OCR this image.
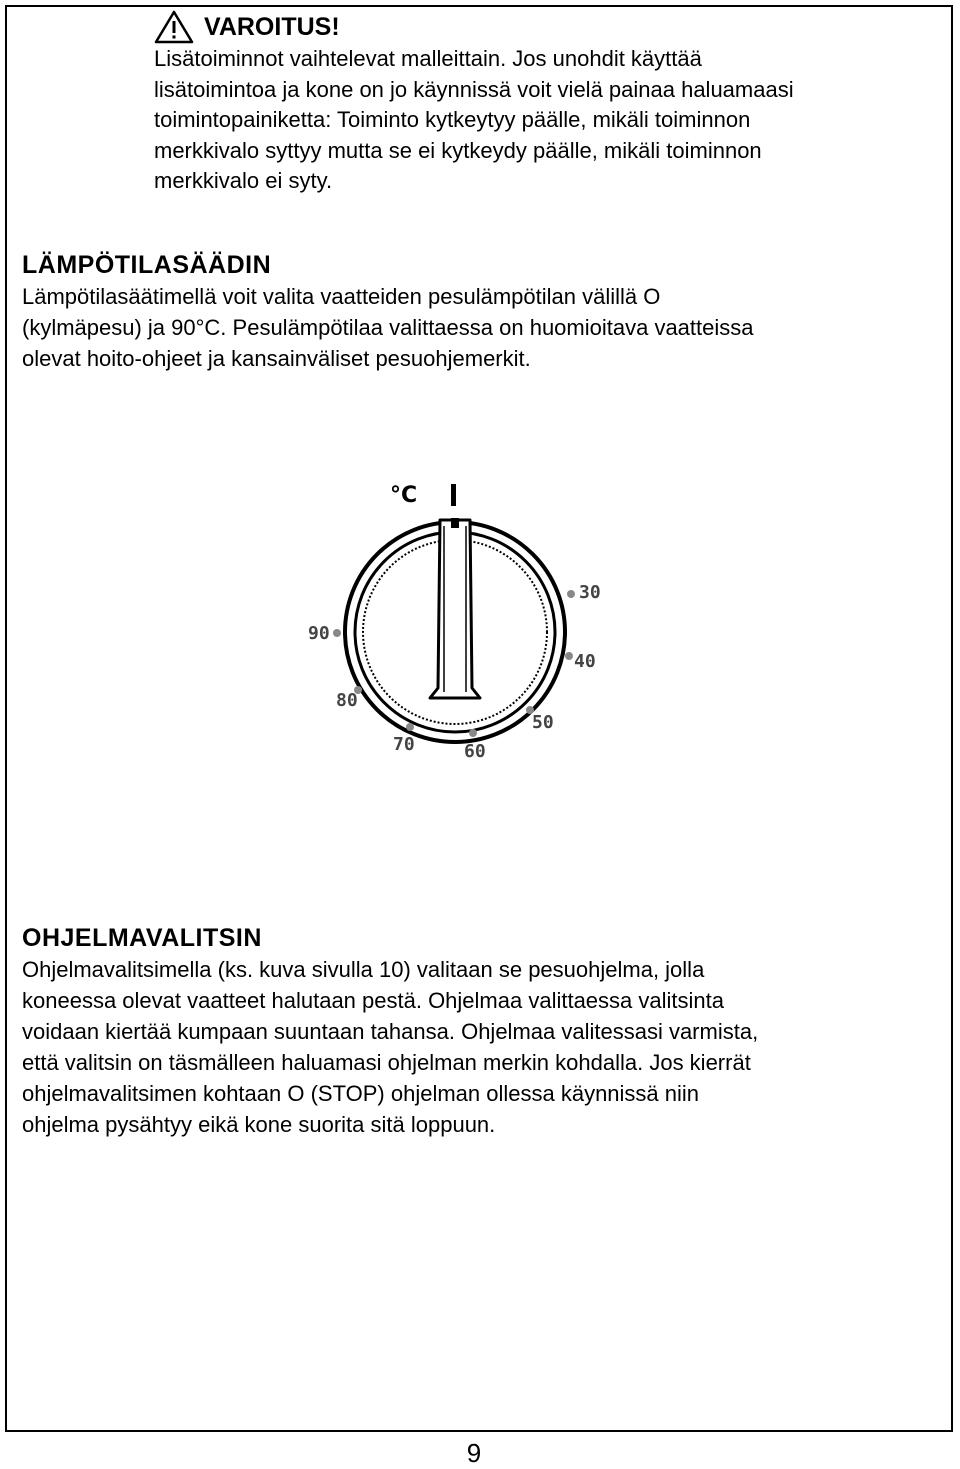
VAROITUS!
Lisätoiminnot vaihtelevat malleittain. Jos unohdit käyttää
lisätoimintoa ja kone on jo käynnissä voit vielä painaa haluamaasi
toimintopainiketta: Toiminto kytkeytyy päälle, mikäli toiminnon
merkkivalo syttyy mutta se ei kytkeydy päälle, mikäli toiminnon
merkkivalo ei syty.
LÄMPÖTILASÄÄDIN

Lämpötilasäätimellä voit valita vaatteiden pesulämpötilan välillä O
(kylmäpesu) ja 90°C. Pesulämpötilaa valittaessa on huomioitava vaatteissa
olevat hoito-ohjeet ja kansainväliset pesuohjemerkit.

°C
30
40
50
60
70
80
90
OHJELMAVALITSIN

Ohjelmavalitsimella (ks. kuva sivulla 10) valitaan se pesuohjelma, jolla
koneessa olevat vaatteet halutaan pestä. Ohjelmaa valittaessa valitsinta
voidaan kiertää kumpaan suuntaan tahansa. Ohjelmaa valitessasi varmista,
että valitsin on täsmälleen haluamasi ohjelman merkin kohdalla. Jos kierrät
ohjelmavalitsimen kohtaan O (STOP) ohjelman ollessa käynnissä niin
ohjelma pysähtyy eikä kone suorita sitä loppuun.

9
